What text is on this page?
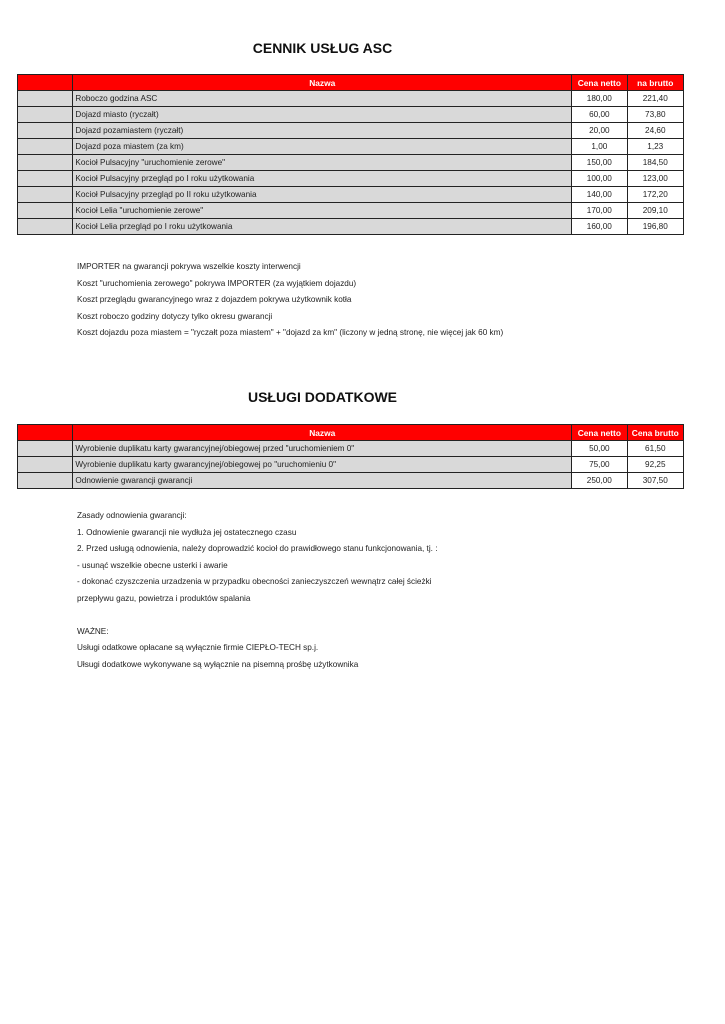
CENNIK USŁUG ASC
	Nazwa	Cena netto	na brutto
	Roboczo godzina ASC	180,00	221,40
	Dojazd miasto (ryczałt)	60,00	73,80
	Dojazd pozamiastem (ryczałt)	20,00	24,60
	Dojazd poza miastem (za km)	1,00	1,23
	Kocioł Pulsacyjny "uruchomienie zerowe"	150,00	184,50
	Kocioł Pulsacyjny przegląd po I roku użytkowania	100,00	123,00
	Kocioł Pulsacyjny przegląd po II roku użytkowania	140,00	172,20
	Kocioł Lelia "uruchomienie zerowe"	170,00	209,10
	Kocioł Lelia przegląd po I roku użytkowania	160,00	196,80
IMPORTER na gwarancji pokrywa wszelkie koszty interwencji
Koszt "uruchomienia zerowego" pokrywa IMPORTER (za wyjątkiem dojazdu)
Koszt przeglądu gwarancyjnego wraz z dojazdem pokrywa użytkownik kotła
Koszt roboczo godziny dotyczy tylko okresu gwarancji
Koszt dojazdu poza miastem = "ryczałt poza miastem" + "dojazd za km" (liczony w jedną stronę, nie więcej jak 60 km)
USŁUGI DODATKOWE
	Nazwa	Cena netto	Cena brutto
	Wyrobienie duplikatu karty gwarancyjnej/obiegowej przed "uruchomieniem 0"	50,00	61,50
	Wyrobienie duplikatu karty gwarancyjnej/obiegowej po "uruchomieniu 0"	75,00	92,25
	Odnowienie gwarancji gwarancji	250,00	307,50
Zasady odnowienia gwarancji:
1. Odnowienie gwarancji nie wydłuża jej ostatecznego czasu
2. Przed usługą odnowienia, należy doprowadzić kocioł do prawidłowego stanu funkcjonowania, tj. :
- usunąć wszelkie obecne usterki i awarie
- dokonać czyszczenia urzadzenia w przypadku obecności zanieczyszczeń wewnątrz całej ścieżki
przepływu gazu, powietrza i produktów spalania
WAŻNE:
Usługi odatkowe opłacane są wyłącznie firmie CIEPŁO-TECH sp.j.
Ułsugi dodatkowe wykonywane są wyłącznie na pisemną prośbę użytkownika
